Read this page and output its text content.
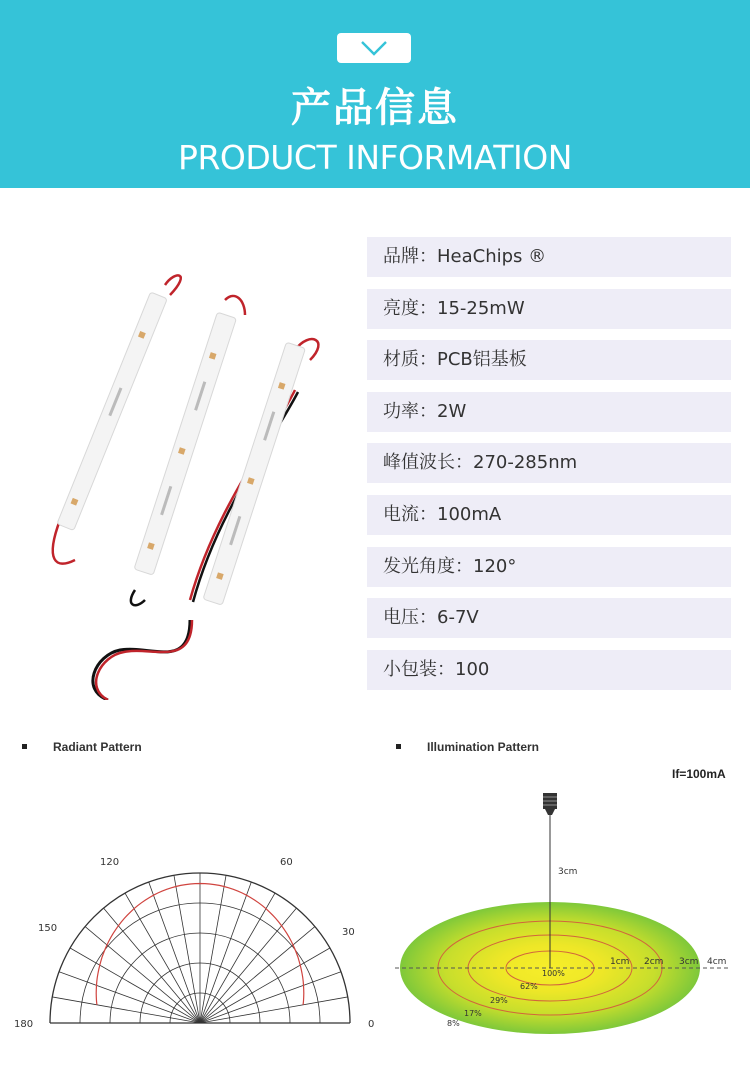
产品信息
PRODUCT INFORMATION
品牌：HeaChips ®
亮度：15-25mW
材质：PCB铝基板
功率：2W
峰值波长：270-285nm
电流：100mA
发光角度：120°
电压：6-7V
小包装：100
Radiant Pattern	Illumination Pattern
If=100mA
120	60
150	30
180	0
3cm
1cm 2cm 3cm 4cm
100%
62%
29%
17%
8%
